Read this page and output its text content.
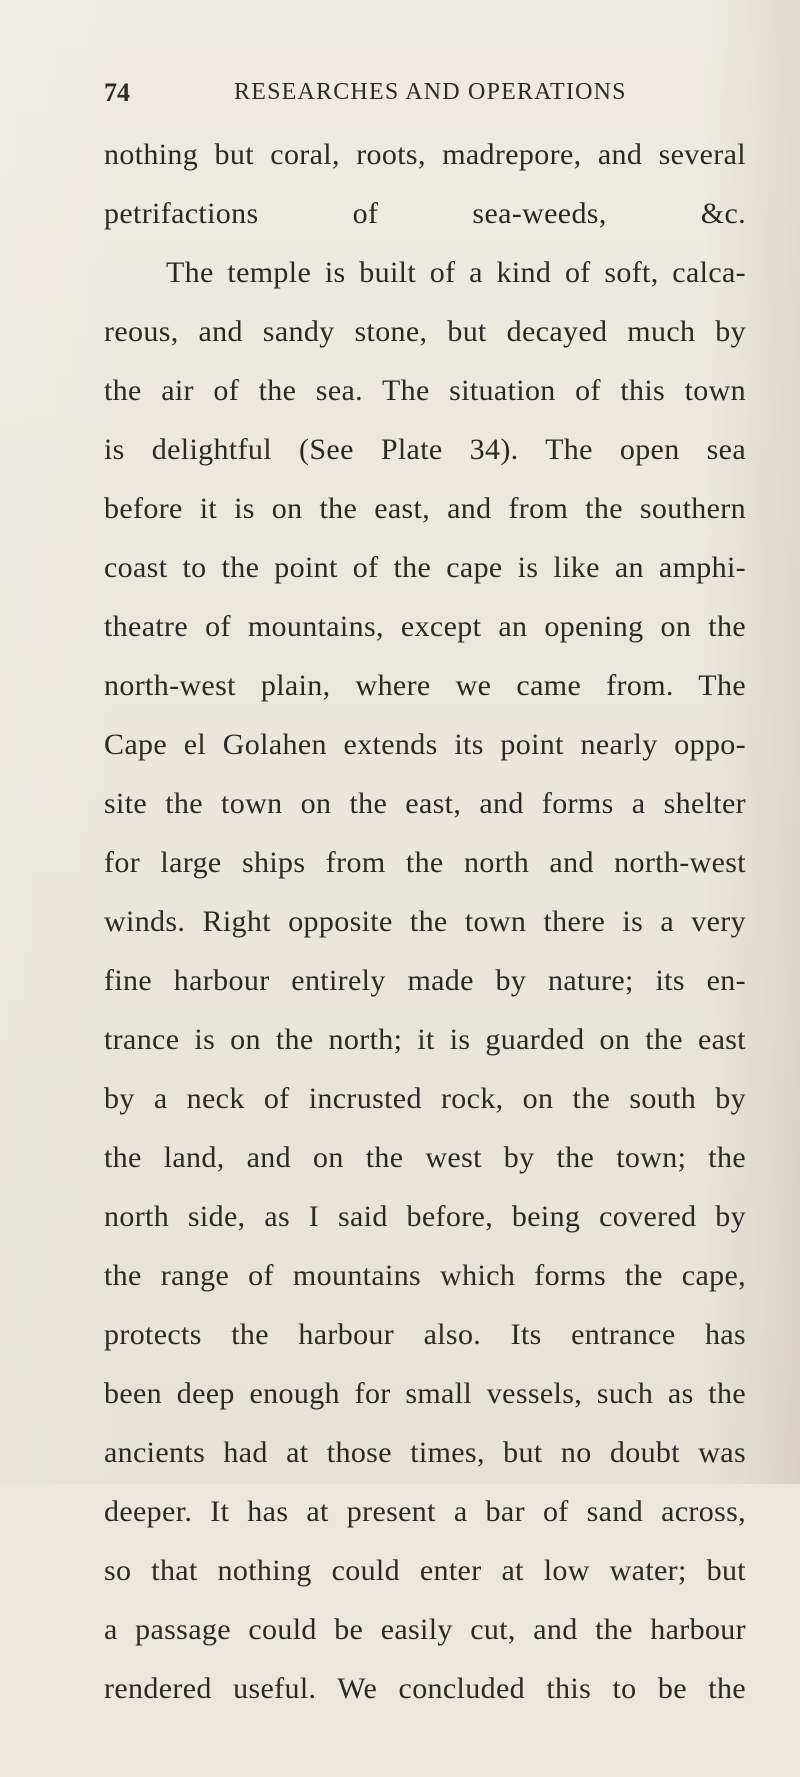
74	RESEARCHES AND OPERATIONS
nothing but coral, roots, madrepore, and several
petrifactions of sea-weeds, &c.
The temple is built of a kind of soft, calca-
reous, and sandy stone, but decayed much by
the air of the sea. The situation of this town
is delightful (See Plate 34). The open sea
before it is on the east, and from the southern
coast to the point of the cape is like an amphi-
theatre of mountains, except an opening on the
north-west plain, where we came from. The
Cape el Golahen extends its point nearly oppo-
site the town on the east, and forms a shelter
for large ships from the north and north-west
winds. Right opposite the town there is a very
fine harbour entirely made by nature; its en-
trance is on the north; it is guarded on the east
by a neck of incrusted rock, on the south by
the land, and on the west by the town; the
north side, as I said before, being covered by
the range of mountains which forms the cape,
protects the harbour also. Its entrance has
been deep enough for small vessels, such as the
ancients had at those times, but no doubt was
deeper. It has at present a bar of sand across,
so that nothing could enter at low water; but
a passage could be easily cut, and the harbour
rendered useful. We concluded this to be the
